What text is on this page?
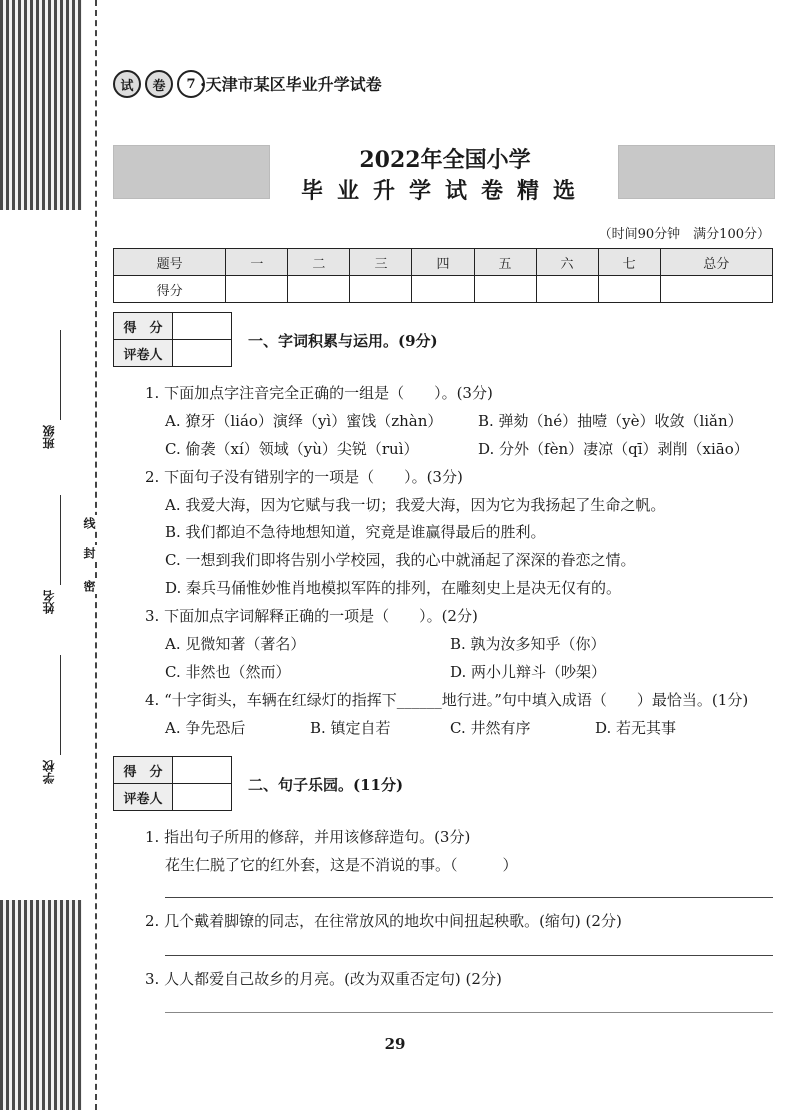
班级
姓名
学校
密
封
线
试	卷	7 ·天津市某区毕业升学试卷
2022年全国小学
毕业升学试卷精选
（时间90分钟　满分100分）
题号	一	二	三	四	五	六	七	总分
得分								
得　分	
评卷人	
一、字词积累与运用。(9分)
1. 下面加点字注音完全正确的一组是（　　）。(3分)
A. 獠牙（liáo）演绎（yì）蜜饯（zhàn） B. 弹劾（hé）抽噎（yè）收敛（liǎn）
C. 偷袭（xí）领域（yù）尖锐（ruì）	D. 分外（fèn）凄凉（qī）剥削（xiāo）
2. 下面句子没有错别字的一项是（　　）。(3分)
A. 我爱大海，因为它赋与我一切；我爱大海，因为它为我扬起了生命之帆。
B. 我们都迫不急待地想知道，究竟是谁赢得最后的胜利。
C. 一想到我们即将告别小学校园，我的心中就涌起了深深的眷恋之情。
D. 秦兵马俑惟妙惟肖地模拟军阵的排列，在雕刻史上是决无仅有的。
3. 下面加点字词解释正确的一项是（　　）。(2分)
A. 见微知著（著名）	B. 孰为汝多知乎（你）
C. 非然也（然而）	D. 两小儿辩斗（吵架）
4. “十字街头，车辆在红绿灯的指挥下______地行进。”句中填入成语（　　）最恰当。(1分)
A. 争先恐后	B. 镇定自若	C. 井然有序	D. 若无其事
得　分	
评卷人	
二、句子乐园。(11分)
1. 指出句子所用的修辞，并用该修辞造句。(3分)
花生仁脱了它的红外套，这是不消说的事。（　　　）
2. 几个戴着脚镣的同志，在往常放风的地坎中间扭起秧歌。(缩句) (2分)
3. 人人都爱自己故乡的月亮。(改为双重否定句) (2分)
29
